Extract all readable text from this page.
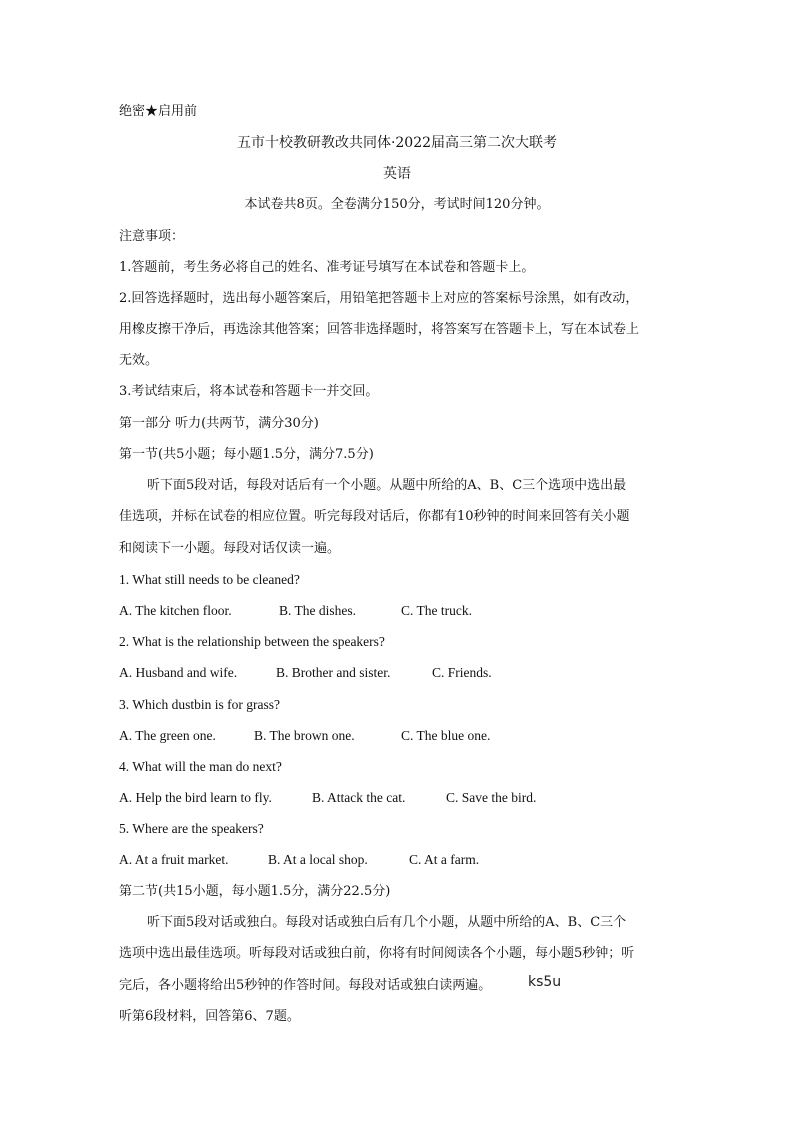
绝密★启用前
五市十校教研教改共同体·2022届高三第二次大联考
英语
本试卷共8页。全卷满分150分，考试时间120分钟。
注意事项：
1.答题前，考生务必将自己的姓名、准考证号填写在本试卷和答题卡上。
2.回答选择题时，选出每小题答案后，用铅笔把答题卡上对应的答案标号涂黑，如有改动，
用橡皮擦干净后，再选涂其他答案；回答非选择题时，将答案写在答题卡上，写在本试卷上
无效。
3.考试结束后，将本试卷和答题卡一并交回。
第一部分 听力(共两节，满分30分)
第一节(共5小题；每小题1.5分，满分7.5分)
听下面5段对话，每段对话后有一个小题。从题中所给的A、B、C三个选项中选出最
佳选项，并标在试卷的相应位置。听完每段对话后，你都有10秒钟的时间来回答有关小题
和阅读下一小题。每段对话仅读一遍。
1. What still needs to be cleaned?
A. The kitchen floor.	B. The dishes.	C. The truck.
2. What is the relationship between the speakers?
A. Husband and wife.	B. Brother and sister.	C. Friends.
3. Which dustbin is for grass?
A. The green one.	B. The brown one.	C. The blue one.
4. What will the man do next?
A. Help the bird learn to fly.	B. Attack the cat.	C. Save the bird.
5. Where are the speakers?
A. At a fruit market.	B. At a local shop.	C. At a farm.
第二节(共15小题，每小题1.5分，满分22.5分)
听下面5段对话或独白。每段对话或独白后有几个小题，从题中所给的A、B、C三个
选项中选出最佳选项。听每段对话或独白前，你将有时间阅读各个小题，每小题5秒钟；听
完后，各小题将给出5秒钟的作答时间。每段对话或独白读两遍。	ks5u
听第6段材料，回答第6、7题。
